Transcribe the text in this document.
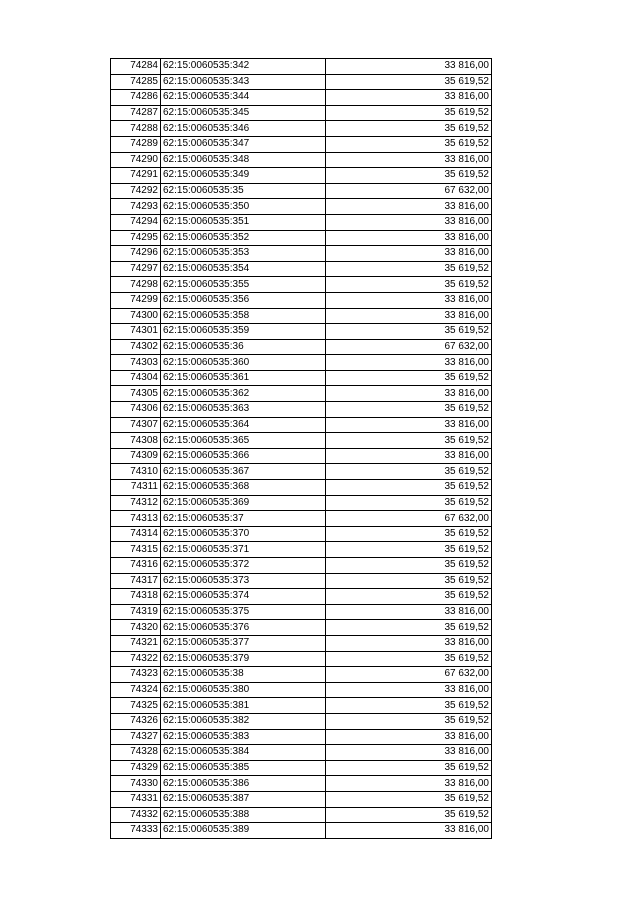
74284	62:15:0060535:342	33 816,00
74285	62:15:0060535:343	35 619,52
74286	62:15:0060535:344	33 816,00
74287	62:15:0060535:345	35 619,52
74288	62:15:0060535:346	35 619,52
74289	62:15:0060535:347	35 619,52
74290	62:15:0060535:348	33 816,00
74291	62:15:0060535:349	35 619,52
74292	62:15:0060535:35	67 632,00
74293	62:15:0060535:350	33 816,00
74294	62:15:0060535:351	33 816,00
74295	62:15:0060535:352	33 816,00
74296	62:15:0060535:353	33 816,00
74297	62:15:0060535:354	35 619,52
74298	62:15:0060535:355	35 619,52
74299	62:15:0060535:356	33 816,00
74300	62:15:0060535:358	33 816,00
74301	62:15:0060535:359	35 619,52
74302	62:15:0060535:36	67 632,00
74303	62:15:0060535:360	33 816,00
74304	62:15:0060535:361	35 619,52
74305	62:15:0060535:362	33 816,00
74306	62:15:0060535:363	35 619,52
74307	62:15:0060535:364	33 816,00
74308	62:15:0060535:365	35 619,52
74309	62:15:0060535:366	33 816,00
74310	62:15:0060535:367	35 619,52
74311	62:15:0060535:368	35 619,52
74312	62:15:0060535:369	35 619,52
74313	62:15:0060535:37	67 632,00
74314	62:15:0060535:370	35 619,52
74315	62:15:0060535:371	35 619,52
74316	62:15:0060535:372	35 619,52
74317	62:15:0060535:373	35 619,52
74318	62:15:0060535:374	35 619,52
74319	62:15:0060535:375	33 816,00
74320	62:15:0060535:376	35 619,52
74321	62:15:0060535:377	33 816,00
74322	62:15:0060535:379	35 619,52
74323	62:15:0060535:38	67 632,00
74324	62:15:0060535:380	33 816,00
74325	62:15:0060535:381	35 619,52
74326	62:15:0060535:382	35 619,52
74327	62:15:0060535:383	33 816,00
74328	62:15:0060535:384	33 816,00
74329	62:15:0060535:385	35 619,52
74330	62:15:0060535:386	33 816,00
74331	62:15:0060535:387	35 619,52
74332	62:15:0060535:388	35 619,52
74333	62:15:0060535:389	33 816,00
